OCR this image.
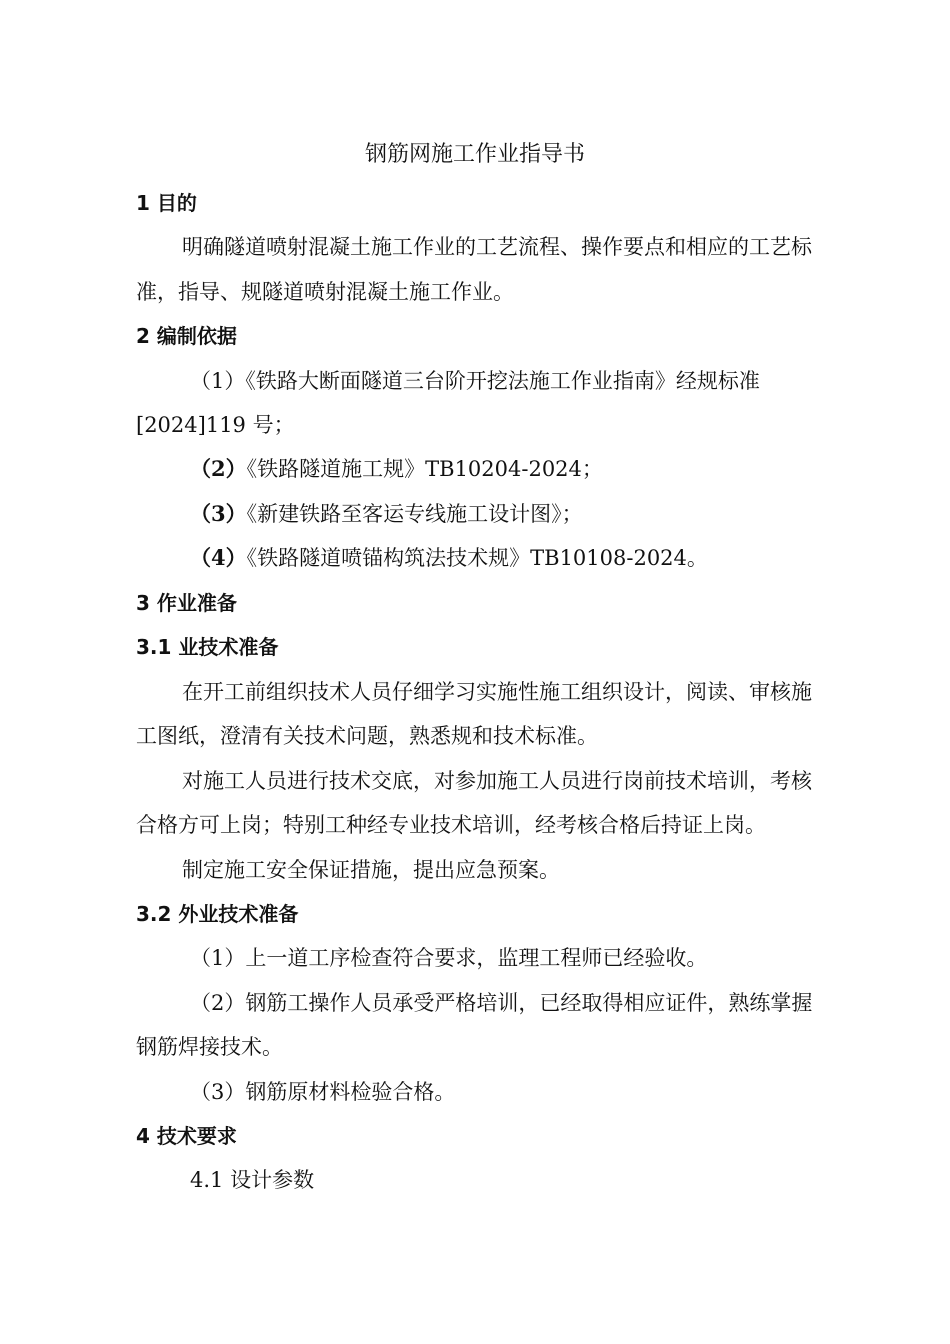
钢筋网施工作业指导书
1 目的
明确隧道喷射混凝土施工作业的工艺流程、操作要点和相应的工艺标
准，指导、规隧道喷射混凝土施工作业。
2 编制依据
（1）《铁路大断面隧道三台阶开挖法施工作业指南》经规标准
[2024]119 号；
（2）《铁路隧道施工规》TB10204-2024；
（3）《新建铁路至客运专线施工设计图》；
（4）《铁路隧道喷锚构筑法技术规》TB10108-2024。
3 作业准备
3.1 业技术准备
在开工前组织技术人员仔细学习实施性施工组织设计，阅读、审核施
工图纸，澄清有关技术问题，熟悉规和技术标准。
对施工人员进行技术交底，对参加施工人员进行岗前技术培训，考核
合格方可上岗；特别工种经专业技术培训，经考核合格后持证上岗。
制定施工安全保证措施，提出应急预案。
3.2 外业技术准备
（1）上一道工序检查符合要求，监理工程师已经验收。
（2）钢筋工操作人员承受严格培训，已经取得相应证件，熟练掌握
钢筋焊接技术。
（3）钢筋原材料检验合格。
4 技术要求
4.1 设计参数
